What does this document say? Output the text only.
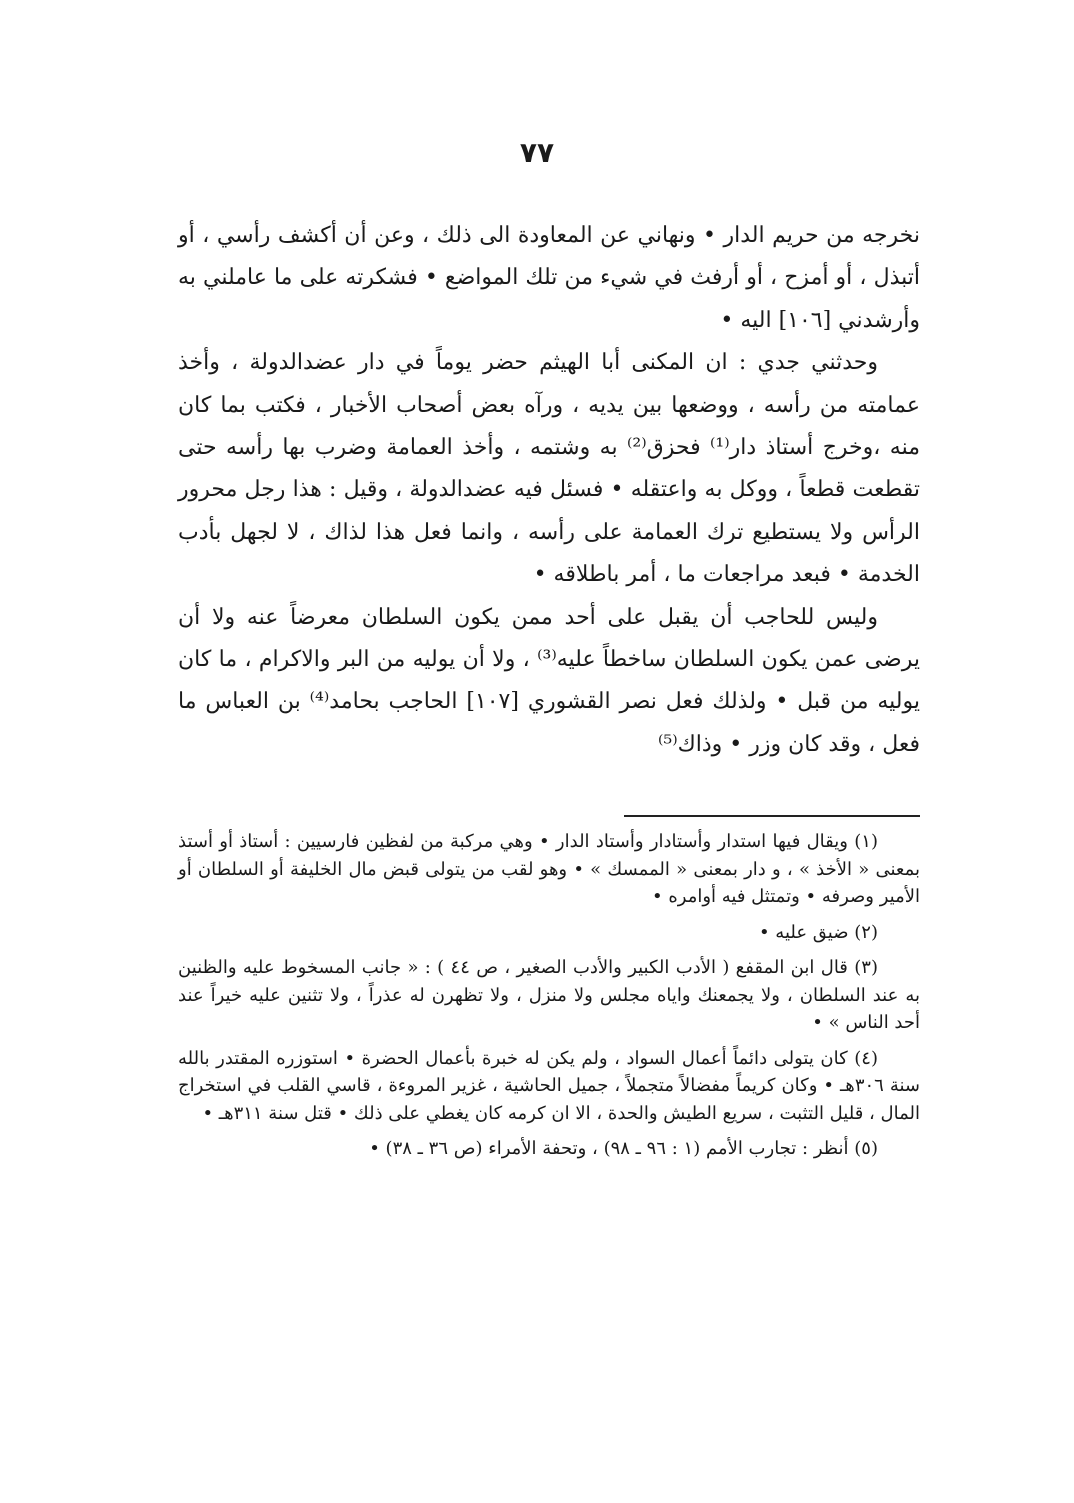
٧٧

نخرجه من حريم الدار • ونهاني عن المعاودة الى ذلك ، وعن أن أكشف رأسي ، أو أتبذل ، أو أمزح ، أو أرفث في شيء من تلك المواضع • فشكرته على ما عاملني به وأرشدني [١٠٦] اليه •

وحدثني جدي : ان المكنى أبا الهيثم حضر يوماً في دار عضدالدولة ، وأخذ عمامته من رأسه ، ووضعها بين يديه ، ورآه بعض أصحاب الأخبار ، فكتب بما كان منه ،وخرج أستاذ دار⁽¹⁾ فحزق⁽²⁾ به وشتمه ، وأخذ العمامة وضرب بها رأسه حتى تقطعت قطعاً ، ووكل به واعتقله • فسئل فيه عضدالدولة ، وقيل : هذا رجل محرور الرأس ولا يستطيع ترك العمامة على رأسه ، وانما فعل هذا لذاك ، لا لجهل بأدب الخدمة • فبعد مراجعات ما ، أمر باطلاقه •

وليس للحاجب أن يقبل على أحد ممن يكون السلطان معرضاً عنه ولا أن يرضى عمن يكون السلطان ساخطاً عليه⁽³⁾ ، ولا أن يوليه من البر والاكرام ، ما كان يوليه من قبل • ولذلك فعل نصر القشوري [١٠٧] الحاجب بحامد⁽⁴⁾ بن العباس ما فعل ، وقد كان وزر • وذاك⁽⁵⁾

(١) ويقال فيها استدار وأستادار وأستاد الدار • وهي مركبة من لفظين فارسيين : أستاذ أو أستذ بمعنى « الأخذ » ، و دار بمعنى « الممسك » • وهو لقب من يتولى قبض مال الخليفة أو السلطان أو الأمير وصرفه • وتمتثل فيه أوامره •

(٢) ضيق عليه •

(٣) قال ابن المقفع ( الأدب الكبير والأدب الصغير ، ص ٤٤ ) : « جانب المسخوط عليه والظنين به عند السلطان ، ولا يجمعنك واياه مجلس ولا منزل ، ولا تظهرن له عذراً ، ولا تثنين عليه خيراً عند أحد الناس » •

(٤) كان يتولى دائماً أعمال السواد ، ولم يكن له خبرة بأعمال الحضرة • استوزره المقتدر بالله سنة ٣٠٦هـ • وكان كريماً مفضالاً متجملاً ، جميل الحاشية ، غزير المروءة ، قاسي القلب في استخراج المال ، قليل التثبت ، سريع الطيش والحدة ، الا ان كرمه كان يغطي على ذلك • قتل سنة ٣١١هـ •

(٥) أنظر : تجارب الأمم (١ : ٩٦ ـ ٩٨) ، وتحفة الأمراء (ص ٣٦ ـ ٣٨) •
